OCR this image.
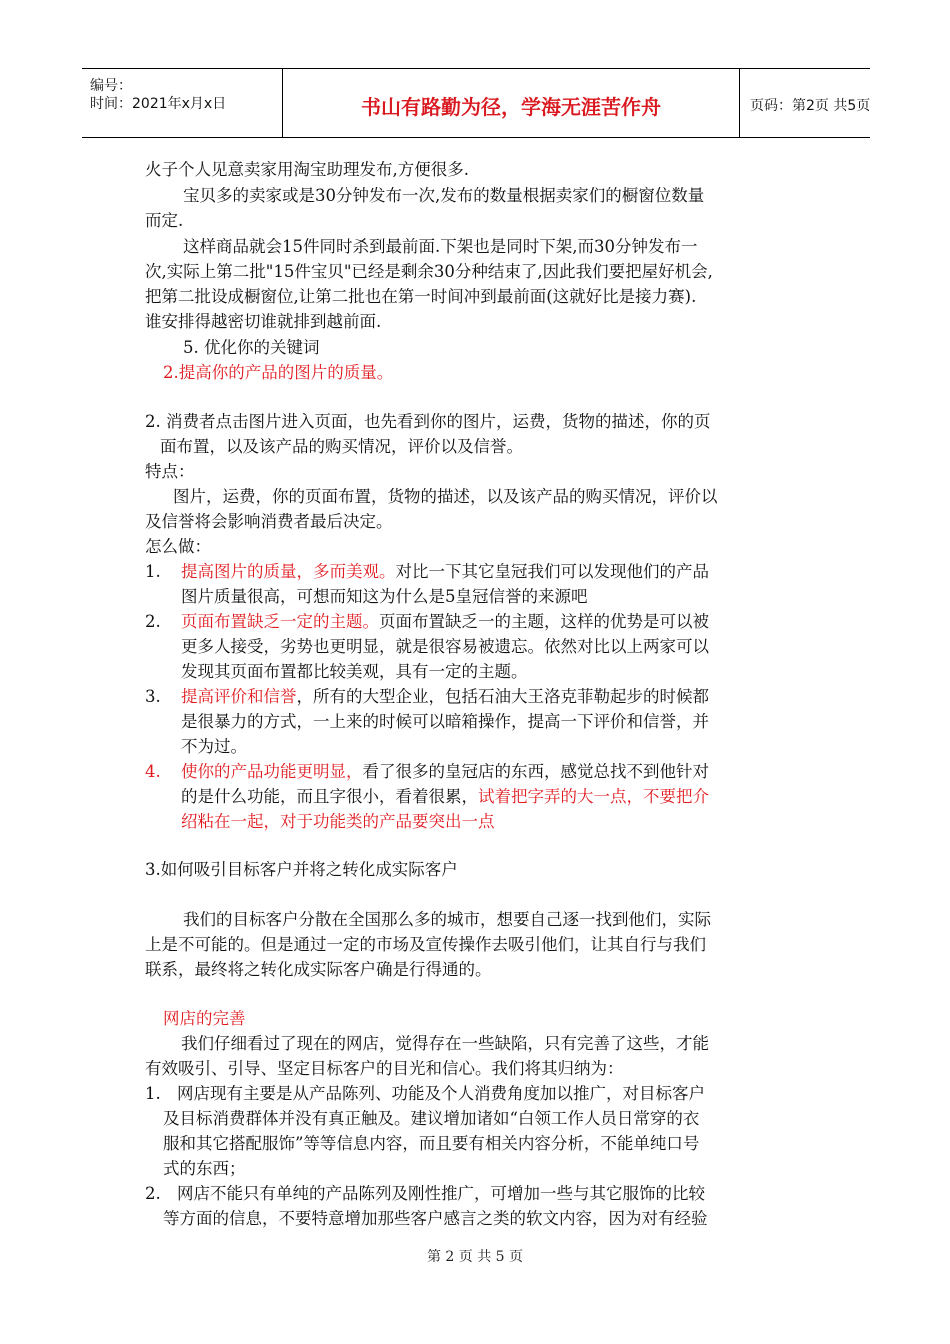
编号：
时间：2021年x月x日	书山有路勤为径，学海无涯苦作舟	页码：第2页 共5页
火子个人见意卖家用淘宝助理发布,方便很多.
宝贝多的卖家或是30分钟发布一次,发布的数量根据卖家们的橱窗位数量
而定.
这样商品就会15件同时杀到最前面.下架也是同时下架,而30分钟发布一
次,实际上第二批"15件宝贝"已经是剩余30分种结束了,因此我们要把屋好机会,
把第二批设成橱窗位,让第二批也在第一时间冲到最前面(这就好比是接力赛).
谁安排得越密切谁就排到越前面.
5. 优化你的关键词
2.提高你的产品的图片的质量。
2. 消费者点击图片进入页面，也先看到你的图片，运费，货物的描述，你的页
面布置，以及该产品的购买情况，评价以及信誉。
特点：
图片，运费，你的页面布置，货物的描述，以及该产品的购买情况，评价以
及信誉将会影响消费者最后决定。
怎么做：
1. 提高图片的质量，多而美观。对比一下其它皇冠我们可以发现他们的产品
图片质量很高，可想而知这为什么是5皇冠信誉的来源吧
2. 页面布置缺乏一定的主题。页面布置缺乏一的主题，这样的优势是可以被
更多人接受，劣势也更明显，就是很容易被遗忘。依然对比以上两家可以
发现其页面布置都比较美观，具有一定的主题。
3. 提高评价和信誉，所有的大型企业，包括石油大王洛克菲勒起步的时候都
是很暴力的方式，一上来的时候可以暗箱操作，提高一下评价和信誉，并
不为过。
4. 使你的产品功能更明显，看了很多的皇冠店的东西，感觉总找不到他针对
的是什么功能，而且字很小，看着很累，试着把字弄的大一点，不要把介
绍粘在一起，对于功能类的产品要突出一点
3.如何吸引目标客户并将之转化成实际客户
我们的目标客户分散在全国那么多的城市，想要自己逐一找到他们，实际
上是不可能的。但是通过一定的市场及宣传操作去吸引他们，让其自行与我们
联系，最终将之转化成实际客户确是行得通的。
网店的完善
我们仔细看过了现在的网店，觉得存在一些缺陷，只有完善了这些，才能
有效吸引、引导、坚定目标客户的目光和信心。我们将其归纳为：
1. 网店现有主要是从产品陈列、功能及个人消费角度加以推广，对目标客户
及目标消费群体并没有真正触及。建议增加诸如“白领工作人员日常穿的衣
服和其它搭配服饰”等等信息内容，而且要有相关内容分析，不能单纯口号
式的东西；
2. 网店不能只有单纯的产品陈列及刚性推广，可增加一些与其它服饰的比较
等方面的信息，不要特意增加那些客户感言之类的软文内容，因为对有经验
第 2 页 共 5 页
